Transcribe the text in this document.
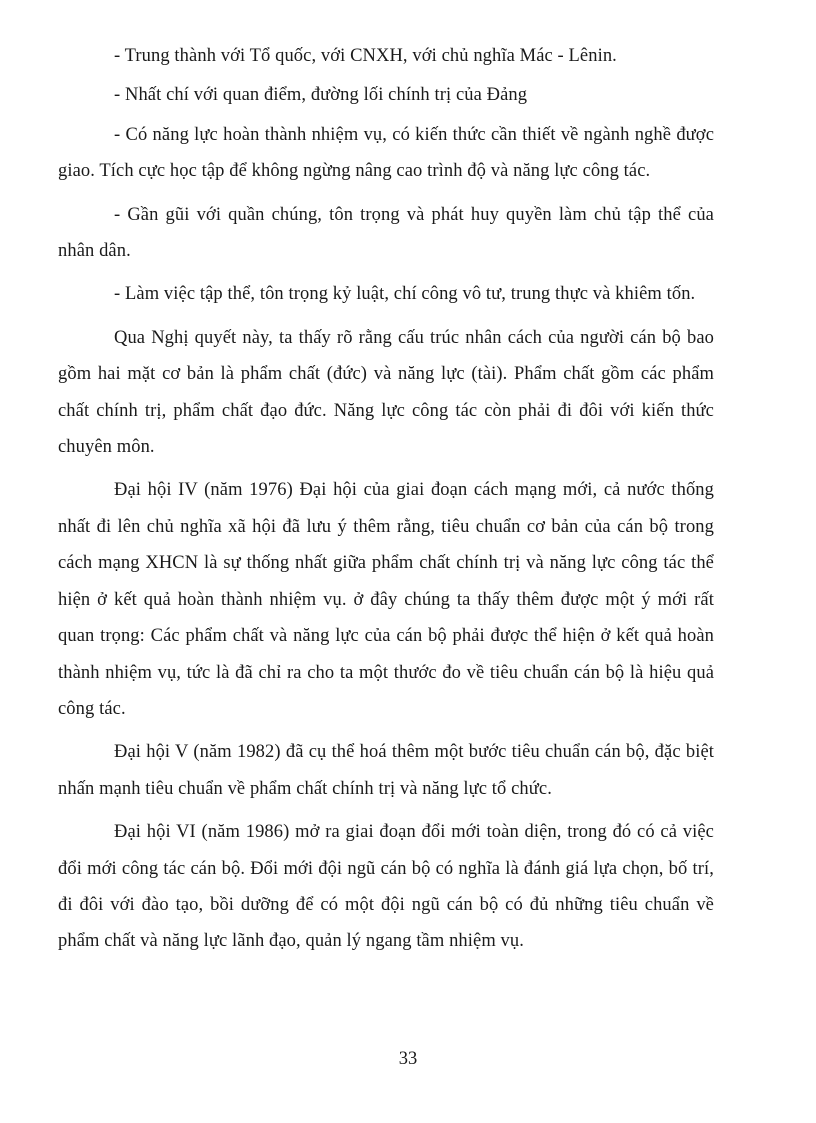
- Trung thành với Tổ quốc, với CNXH, với chủ nghĩa Mác - Lênin.

- Nhất chí với quan điểm, đường lối chính trị của Đảng

- Có năng lực hoàn thành nhiệm vụ, có kiến thức cần thiết về ngành nghề được giao. Tích cực học tập để không ngừng nâng cao trình độ và năng lực công tác.

- Gần gũi với quần chúng, tôn trọng và phát huy quyền làm chủ tập thể của nhân dân.

- Làm việc tập thể, tôn trọng kỷ luật, chí công vô tư, trung thực và khiêm tốn.

Qua Nghị quyết này, ta thấy rõ rằng cấu trúc nhân cách của người cán bộ bao gồm hai mặt cơ bản là phẩm chất (đức) và năng lực (tài). Phẩm chất gồm các phẩm chất chính trị, phẩm chất đạo đức. Năng lực công tác còn phải đi đôi với kiến thức chuyên môn.

Đại hội IV (năm 1976) Đại hội của giai đoạn cách mạng mới, cả nước thống nhất đi lên chủ nghĩa xã hội đã lưu ý thêm rằng, tiêu chuẩn cơ bản của cán bộ trong cách mạng XHCN là sự thống nhất giữa phẩm chất chính trị và năng lực công tác thể hiện ở kết quả hoàn thành nhiệm vụ. ở đây chúng ta thấy thêm được một ý mới rất quan trọng: Các phẩm chất và năng lực của cán bộ phải được thể hiện ở kết quả hoàn thành nhiệm vụ, tức là đã chỉ ra cho ta một thước đo về tiêu chuẩn cán bộ là hiệu quả công tác.

Đại hội V (năm 1982) đã cụ thể hoá thêm một bước tiêu chuẩn cán bộ, đặc biệt nhấn mạnh tiêu chuẩn về phẩm chất chính trị và năng lực tổ chức.

Đại hội VI (năm 1986) mở ra giai đoạn đổi mới toàn diện, trong đó có cả việc đổi mới công tác cán bộ. Đổi mới đội ngũ cán bộ có nghĩa là đánh giá lựa chọn, bố trí, đi đôi với đào tạo, bồi dưỡng để có một đội ngũ cán bộ có đủ những tiêu chuẩn về phẩm chất và năng lực lãnh đạo, quản lý ngang tầm nhiệm vụ.

33
